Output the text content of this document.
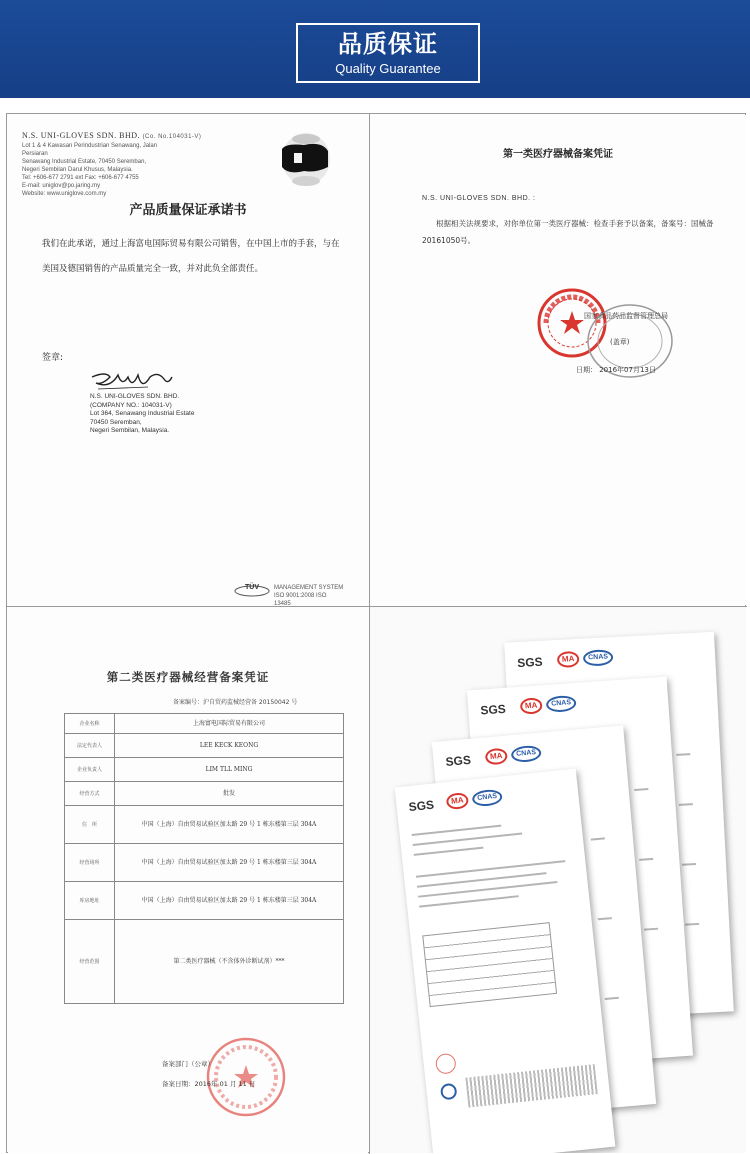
品质保证
Quality Guarantee
N.S. UNI-GLOVES SDN. BHD. (Co. No.104031-V)
Lot 1 & 4 Kawasan Perindustrian Senawang, Jalan Persiaran
Senawang Industrial Estate, 70450 Seremban,
Negeri Sembilan Darul Khusus, Malaysia.
Tel: +606-677 2791 ext Fax: +606-677 4755
E-mail: uniglov@po.jaring.my
Website: www.uniglove.com.my
产品质量保证承诺书
我们在此承诺，通过上海富电国际贸易有限公司销售，在中国上市的手套，与在美国及德国销售的产品质量完全一致，并对此负全部责任。
签章:
N.S. UNI-GLOVES SDN. BHD.
(COMPANY NO.: 104031-V)
Lot 364, Senawang Industrial Estate
70450 Seremban,
Negeri Sembilan, Malaysia.
TÜV	MANAGEMENT SYSTEM ISO 9001:2008 ISO 13485
第一类医疗器械备案凭证
N.S. UNI-GLOVES SDN. BHD. :
根据相关法规要求，对你单位第一类医疗器械：检查手套予以备案，备案号：国械备20161050号。
国家食品药品监督管理总局
(盖章)
日期： 2016年07月13日
第二类医疗器械经营备案凭证
备案编号：沪自贸药监械经营备 20150042 号
企业名称	上海富电国际贸易有限公司
法定代表人	LEE KECK KEONG
企业负责人	LIM TLL MING
经营方式	批发
住　所	中国（上海）自由贸易试验区加太路 29 号 1 栋东楼第三层 304A
经营场所	中国（上海）自由贸易试验区加太路 29 号 1 栋东楼第三层 304A
库房地址	中国（上海）自由贸易试验区加太路 29 号 1 栋东楼第三层 304A
经营范围	第二类医疗器械（不含体外诊断试剂）***
备案部门（公章）
备案日期：2016年 01 月 11 日
SGS	MA	CNAS
SGS	MA	CNAS
SGS	MA	CNAS
SGS	MA	CNAS
